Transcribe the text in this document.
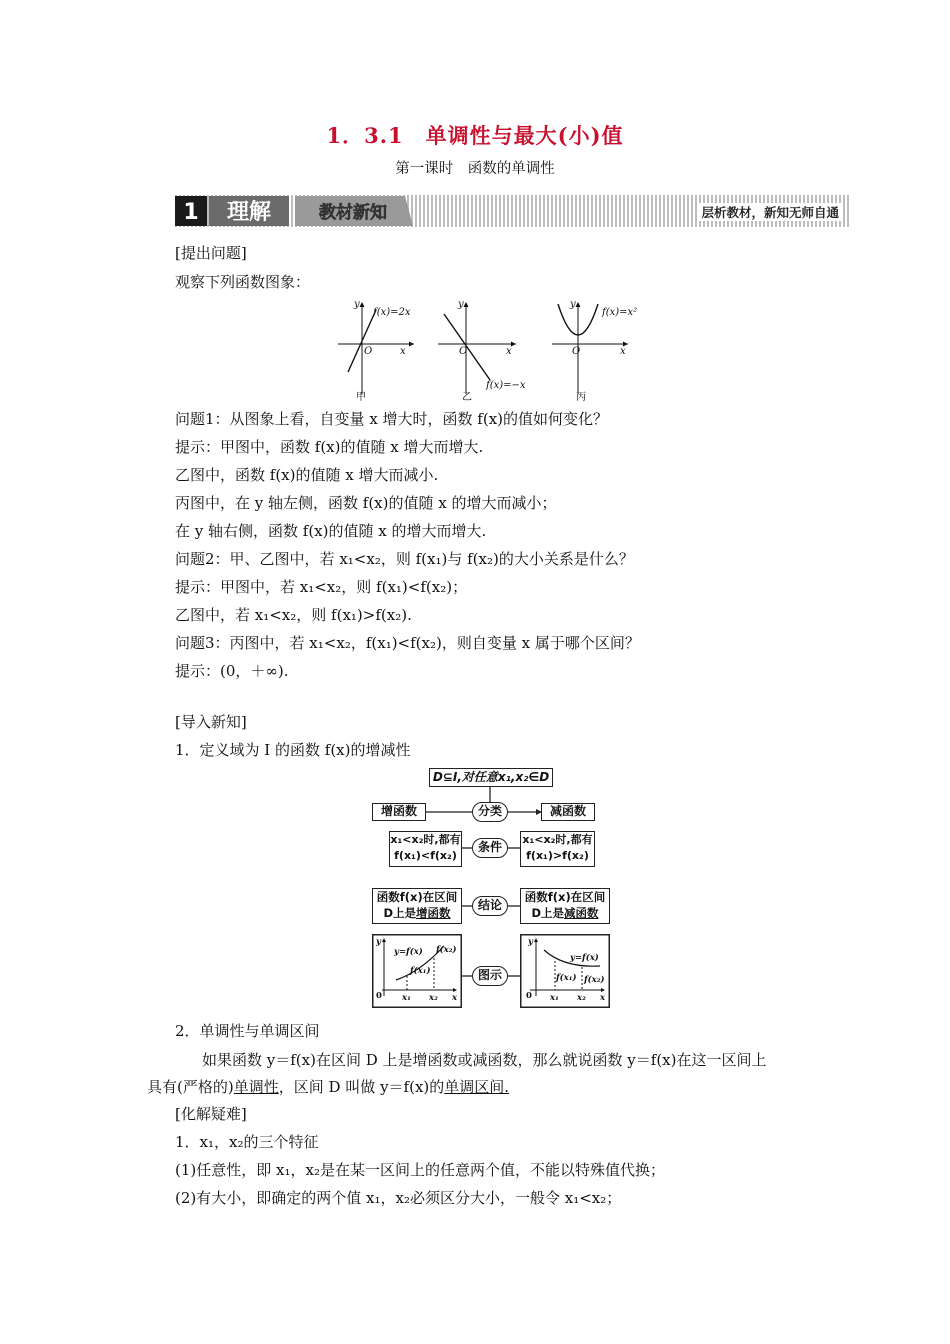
1．3.1　单调性与最大(小)值
第一课时　函数的单调性
1 理解	教材新知	层析教材，新知无师自通
[提出问题]
观察下列函数图象：
y
O	x
f(x)=2x
甲
y
O	x
f(x)=−x
乙
y
O	x
f(x)=x²
丙
问题1：从图象上看，自变量 x 增大时，函数 f(x)的值如何变化？
提示：甲图中，函数 f(x)的值随 x 增大而增大.
乙图中，函数 f(x)的值随 x 增大而减小.
丙图中，在 y 轴左侧，函数 f(x)的值随 x 的增大而减小；
在 y 轴右侧，函数 f(x)的值随 x 的增大而增大.
问题2：甲、乙图中，若 x₁<x₂，则 f(x₁)与 f(x₂)的大小关系是什么？
提示：甲图中，若 x₁<x₂，则 f(x₁)<f(x₂)；
乙图中，若 x₁<x₂，则 f(x₁)>f(x₂).
问题3：丙图中，若 x₁<x₂，f(x₁)<f(x₂)，则自变量 x 属于哪个区间？
提示：(0，＋∞).
[导入新知]
1．定义域为 I 的函数 f(x)的增减性
D⊆I,对任意x₁,x₂∈D
增函数	分类	减函数
x₁<x₂时,都有
f(x₁)<f(x₂)
条件
x₁<x₂时,都有
f(x₁)>f(x₂)
函数f(x)在区间
D上是增函数
结论
函数f(x)在区间
D上是减函数
y
0	x
y=f(x) f(x₂)
f(x₁)
x₁ x₂
图示
y
0	x
y=f(x)
f(x₁) f(x₂)
x₁ x₂
2．单调性与单调区间
如果函数 y＝f(x)在区间 D 上是增函数或减函数，那么就说函数 y＝f(x)在这一区间上
具有(严格的)单调性，区间 D 叫做 y＝f(x)的单调区间.
[化解疑难]
1．x₁，x₂的三个特征
(1)任意性，即 x₁，x₂是在某一区间上的任意两个值，不能以特殊值代换；
(2)有大小，即确定的两个值 x₁，x₂必须区分大小，一般令 x₁<x₂；
